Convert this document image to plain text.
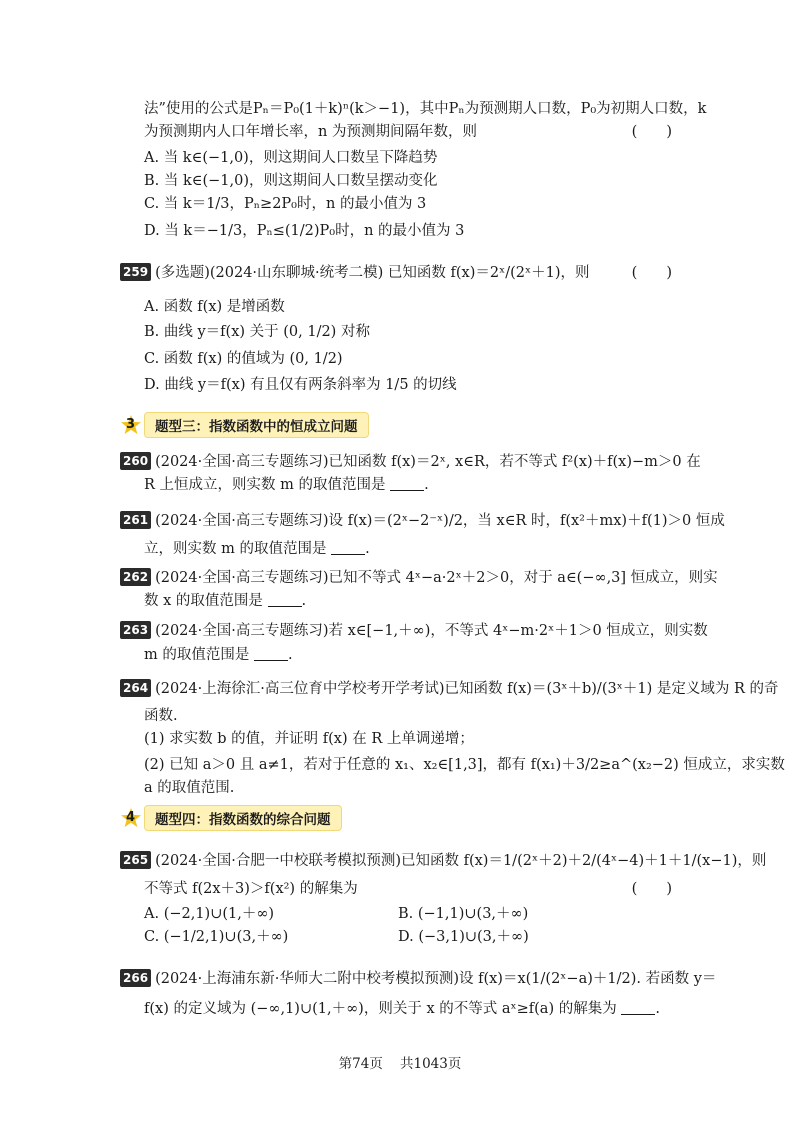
法”使用的公式是Pₙ＝P₀(1＋k)ⁿ(k＞−1)，其中Pₙ为预测期人口数，P₀为初期人口数，k
为预测期内人口年增长率，n 为预测期间隔年数，则	(　　)
A. 当 k∈(−1,0)，则这期间人口数呈下降趋势
B. 当 k∈(−1,0)，则这期间人口数呈摆动变化
C. 当 k＝1/3，Pₙ≥2P₀时，n 的最小值为 3
D. 当 k＝−1/3，Pₙ≤(1/2)P₀时，n 的最小值为 3
259 (多选题)(2024·山东聊城·统考二模) 已知函数 f(x)＝2ˣ/(2ˣ＋1)，则	(　　)
A. 函数 f(x) 是增函数
B. 曲线 y＝f(x) 关于 (0, 1/2) 对称
C. 函数 f(x) 的值域为 (0, 1/2)
D. 曲线 y＝f(x) 有且仅有两条斜率为 1/5 的切线
3	题型三：指数函数中的恒成立问题
260 (2024·全国·高三专题练习)已知函数 f(x)＝2ˣ, x∈R，若不等式 f²(x)＋f(x)−m＞0 在
R 上恒成立，则实数 m 的取值范围是	.
261 (2024·全国·高三专题练习)设 f(x)＝(2ˣ−2⁻ˣ)/2，当 x∈R 时，f(x²＋mx)＋f(1)＞0 恒成
立，则实数 m 的取值范围是	.
262 (2024·全国·高三专题练习)已知不等式 4ˣ−a·2ˣ＋2＞0，对于 a∈(−∞,3] 恒成立，则实
数 x 的取值范围是	.
263 (2024·全国·高三专题练习)若 x∈[−1,＋∞)，不等式 4ˣ−m·2ˣ＋1＞0 恒成立，则实数
m 的取值范围是	.
264 (2024·上海徐汇·高三位育中学校考开学考试)已知函数 f(x)＝(3ˣ＋b)/(3ˣ＋1) 是定义域为 R 的奇
函数.
(1) 求实数 b 的值，并证明 f(x) 在 R 上单调递增；
(2) 已知 a＞0 且 a≠1，若对于任意的 x₁、x₂∈[1,3]，都有 f(x₁)＋3/2≥a^(x₂−2) 恒成立，求实数
a 的取值范围.
4	题型四：指数函数的综合问题
265 (2024·全国·合肥一中校联考模拟预测)已知函数 f(x)＝1/(2ˣ＋2)＋2/(4ˣ−4)＋1＋1/(x−1)，则
不等式 f(2x＋3)＞f(x²) 的解集为	(　　)
A. (−2,1)∪(1,＋∞)	B. (−1,1)∪(3,＋∞)
C. (−1/2,1)∪(3,＋∞)	D. (−3,1)∪(3,＋∞)
266 (2024·上海浦东新·华师大二附中校考模拟预测)设 f(x)＝x(1/(2ˣ−a)＋1/2). 若函数 y＝
f(x) 的定义域为 (−∞,1)∪(1,＋∞)，则关于 x 的不等式 aˣ≥f(a) 的解集为	.
第74页 共1043页
